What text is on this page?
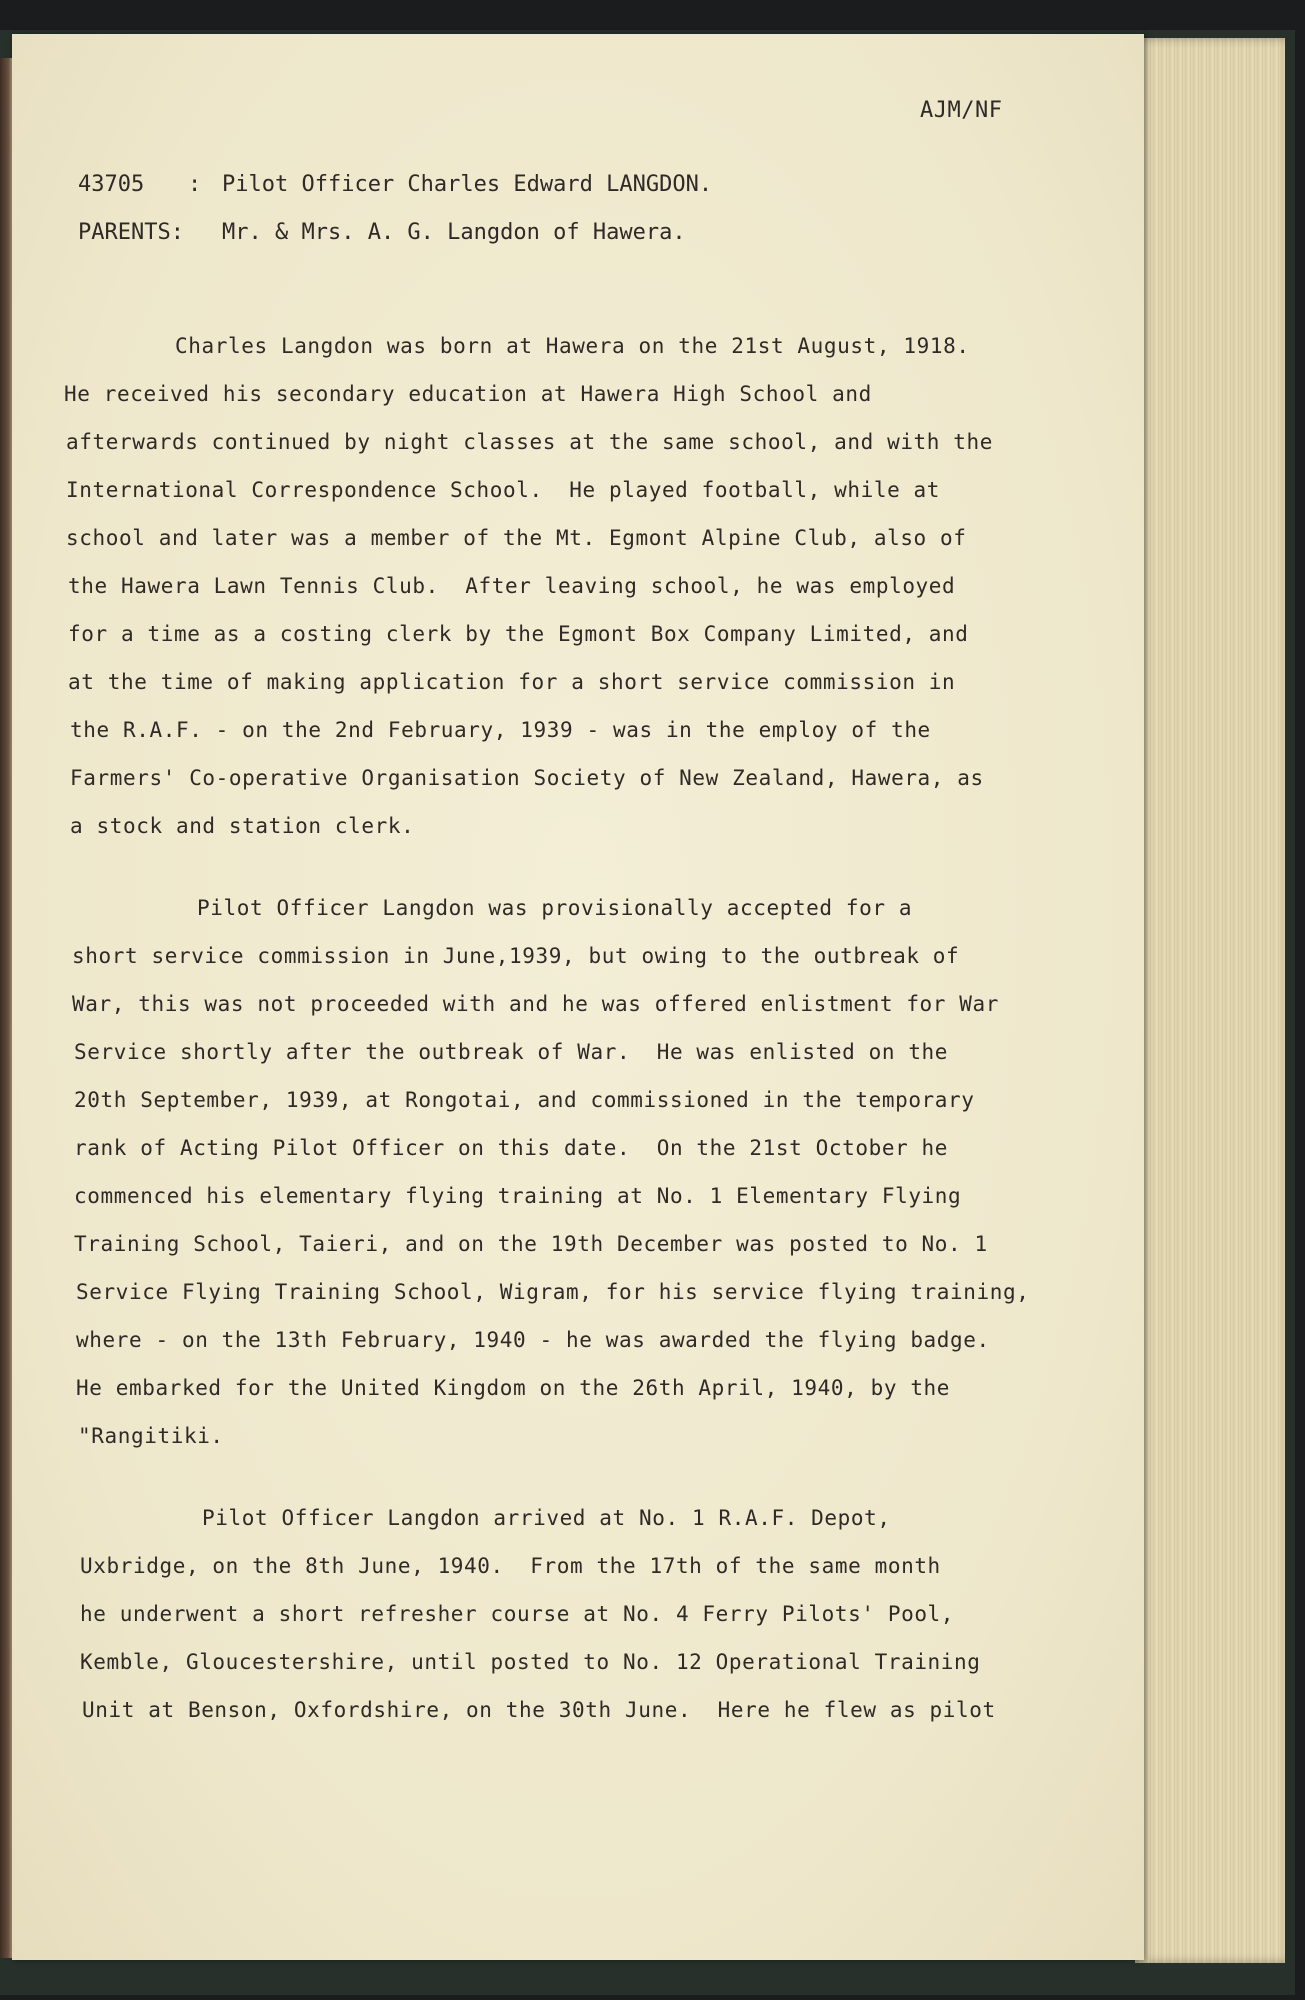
AJM/NF
43705 : Pilot Officer Charles Edward LANGDON.
PARENTS: Mr. & Mrs. A. G. Langdon of Hawera.
Charles Langdon was born at Hawera on the 21st August, 1918.
He received his secondary education at Hawera High School and
afterwards continued by night classes at the same school, and with the
International Correspondence School.  He played football, while at
school and later was a member of the Mt. Egmont Alpine Club, also of
the Hawera Lawn Tennis Club.  After leaving school, he was employed
for a time as a costing clerk by the Egmont Box Company Limited, and
at the time of making application for a short service commission in
the R.A.F. - on the 2nd February, 1939 - was in the employ of the
Farmers' Co-operative Organisation Society of New Zealand, Hawera, as
a stock and station clerk.
Pilot Officer Langdon was provisionally accepted for a
short service commission in June,1939, but owing to the outbreak of
War, this was not proceeded with and he was offered enlistment for War
Service shortly after the outbreak of War.  He was enlisted on the
20th September, 1939, at Rongotai, and commissioned in the temporary
rank of Acting Pilot Officer on this date.  On the 21st October he
commenced his elementary flying training at No. 1 Elementary Flying
Training School, Taieri, and on the 19th December was posted to No. 1
Service Flying Training School, Wigram, for his service flying training,
where - on the 13th February, 1940 - he was awarded the flying badge.
He embarked for the United Kingdom on the 26th April, 1940, by the
"Rangitiki.
Pilot Officer Langdon arrived at No. 1 R.A.F. Depot,
Uxbridge, on the 8th June, 1940.  From the 17th of the same month
he underwent a short refresher course at No. 4 Ferry Pilots' Pool,
Kemble, Gloucestershire, until posted to No. 12 Operational Training
Unit at Benson, Oxfordshire, on the 30th June.  Here he flew as pilot
